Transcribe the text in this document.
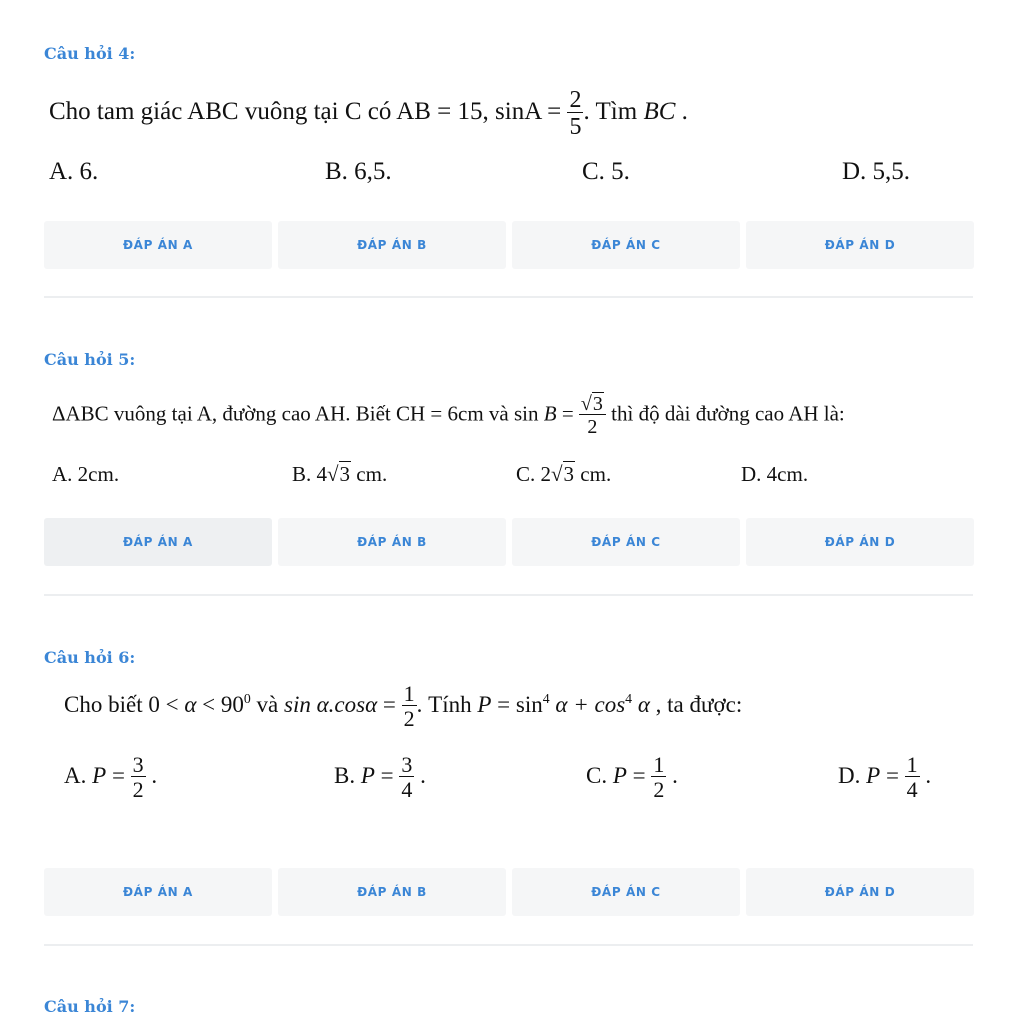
Câu hỏi 4:
Cho tam giác ABC vuông tại C có AB = 15, $\sin A = \frac{2}{5}$ . Tìm BC .
A. 6.	B. 6,5.	C. 5.	D. 5,5.
ĐÁP ÁN A	ĐÁP ÁN B	ĐÁP ÁN C	ĐÁP ÁN D
Câu hỏi 5:
ΔABC vuông tại A, đường cao AH. Biết CH = 6cm và $\sin B = \frac{√3}{2}$ thì độ dài đường cao AH là:
A. 2cm.	B. 4√3 cm.	C. 2√3 cm.	D. 4cm.
ĐÁP ÁN A	ĐÁP ÁN B	ĐÁP ÁN C	ĐÁP ÁN D
Câu hỏi 6:
Cho biết $0 < \alpha < 90^0$ và $\sin \alpha.\cos\alpha = \frac{1}{2}$ . Tính $P = \sin^4 \alpha + \cos^4 \alpha$ , ta được:
A. $P = \frac{3}{2}$ .	B. $P = \frac{3}{4}$ .	C. $P = \frac{1}{2}$ .	D. $P = \frac{1}{4}$ .
ĐÁP ÁN A	ĐÁP ÁN B	ĐÁP ÁN C	ĐÁP ÁN D
Câu hỏi 7:
